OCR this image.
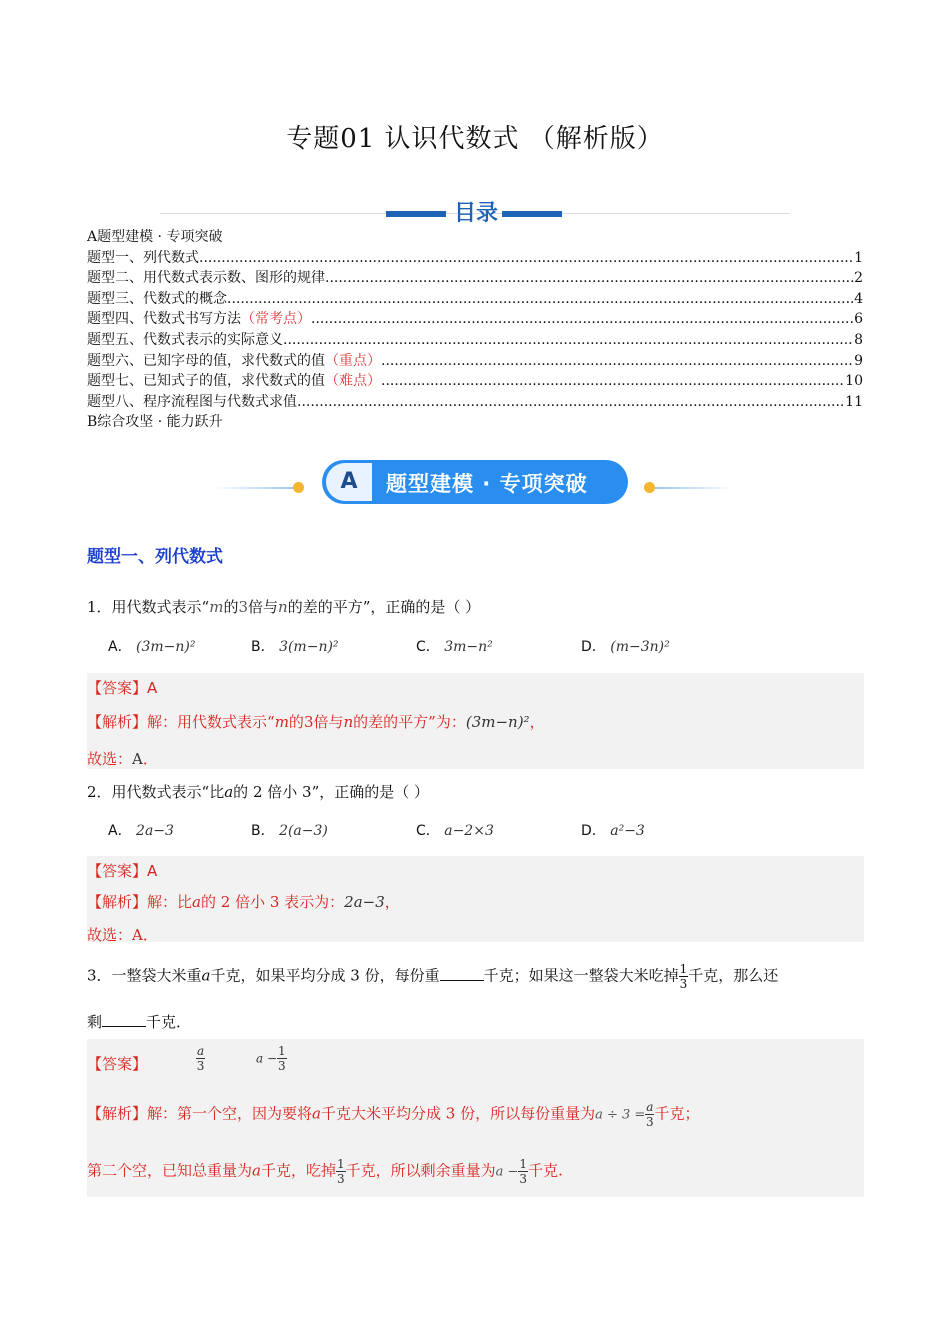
专题01 认识代数式 （解析版）
目录
A题型建模 · 专项突破
题型一、列代数式 .....	1
题型二、用代数式表示数、图形的规律 .....	2
题型三、代数式的概念 .....	4
题型四、代数式书写方法（常考点） .....	6
题型五、代数式表示的实际意义 .....	8
题型六、已知字母的值，求代数式的值（重点） .....	9
题型七、已知式子的值，求代数式的值（难点） .....	10
题型八、程序流程图与代数式求值 .....	11
B综合攻坚 · 能力跃升
A	题型建模 · 专项突破
题型一、列代数式
1．用代数式表示“m的3倍与n的差的平方”，正确的是（ ）
A． (3m−n)²	B． 3(m−n)²	C． 3m−n²	D． (m−3n)²
【答案】A
【解析】解：用代数式表示“m的3倍与n的差的平方”为：(3m−n)²，
故选：A．
2．用代数式表示“比a的 2 倍小 3”，正确的是（ ）
A． 2a−3	B． 2(a−3)	C． a−2×3	D． a²−3
【答案】A
【解析】解：比a的 2 倍小 3 表示为：2a−3，
故选：A．
3．一整袋大米重a千克，如果平均分成 3 份，每份重	千克；如果这一整袋大米吃掉 $\frac{1}{3}$ 千克，那么还
剩	千克．
【答案】	$\frac{a}{3}$	$a - \frac{1}{3}$
【解析】解：第一个空，因为要将a千克大米平均分成 3 份，所以每份重量为$a \div 3 = \frac{a}{3}$ 千克；
第二个空，已知总重量为a千克，吃掉 $\frac{1}{3}$ 千克，所以剩余重量为$a - \frac{1}{3}$ 千克.
